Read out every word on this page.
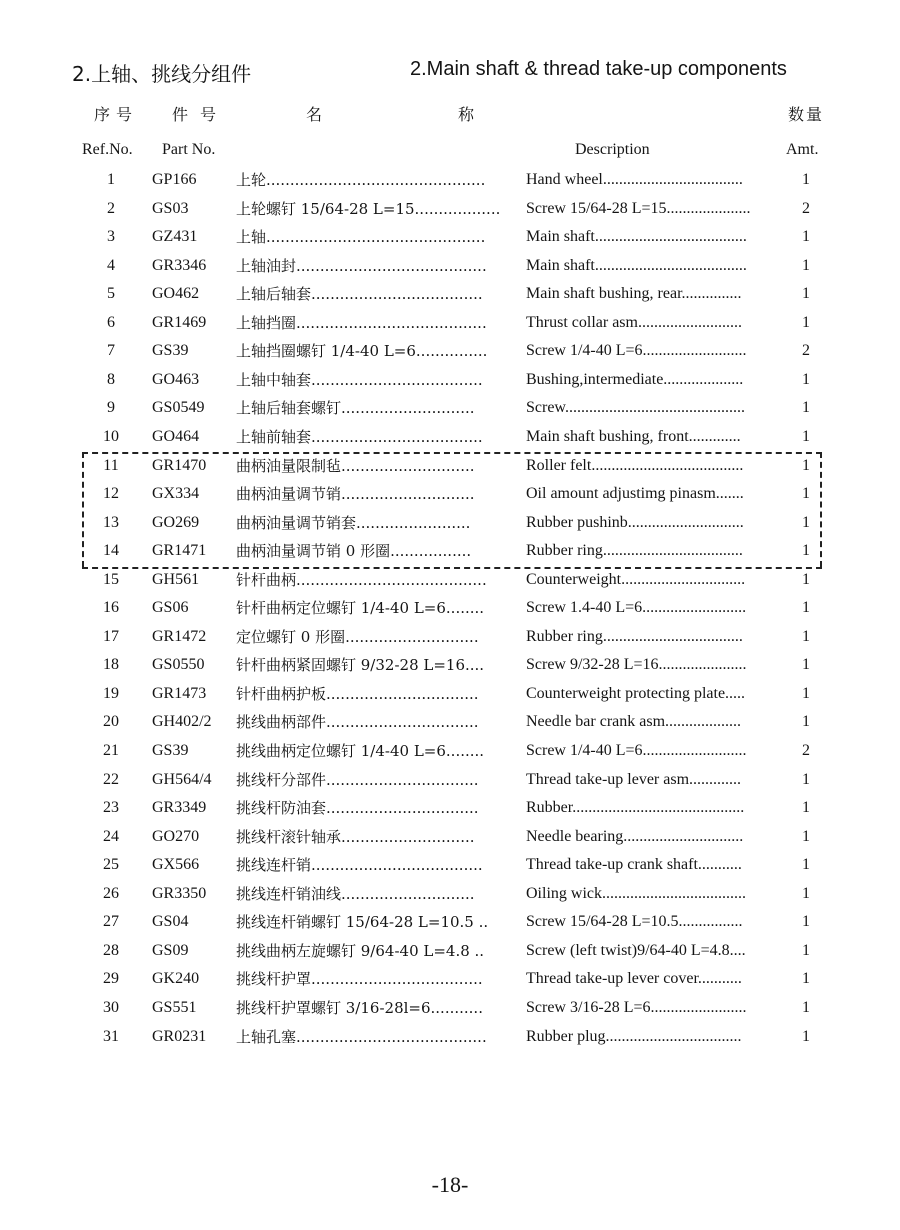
2.上轴、挑线分组件	2.Main shaft & thread take-up components
序号 件号	名	称	数量
Ref.No. Part No.	Description	Amt.
1	GP166	上轮..............................................	Hand wheel...................................	1
2	GS03	上轮螺钉 15/64-28 L=15..................	Screw 15/64-28 L=15.....................	2
3	GZ431	上轴..............................................	Main shaft......................................	1
4	GR3346 上轴油封........................................	Main shaft......................................	1
5	GO462 上轴后轴套....................................	Main shaft bushing, rear...............	1
6	GR1469 上轴挡圈........................................	Thrust collar asm..........................	1
7	GS39	上轴挡圈螺钉 1/4-40 L=6...............	Screw 1/4-40 L=6..........................	2
8	GO463 上轴中轴套....................................	Bushing,intermediate....................	1
9	GS0549 上轴后轴套螺钉............................	Screw.............................................	1
10	GO464 上轴前轴套....................................	Main shaft bushing, front.............	1
11	GR1470 曲柄油量限制毡............................	Roller felt......................................	1
12	GX334 曲柄油量调节销............................	Oil amount adjustimg pinasm.......	1
13	GO269 曲柄油量调节销套........................	Rubber pushinb.............................	1
14	GR1471 曲柄油量调节销 0 形圈.................	Rubber ring...................................	1
15	GH561 针杆曲柄........................................	Counterweight...............................	1
16	GS06	针杆曲柄定位螺钉 1/4-40 L=6........	Screw 1.4-40 L=6..........................	1
17	GR1472 定位螺钉 0 形圈............................	Rubber ring...................................	1
18	GS0550 针杆曲柄紧固螺钉 9/32-28 L=16....	Screw 9/32-28 L=16......................	1
19	GR1473 针杆曲柄护板................................	Counterweight protecting plate.....	1
20	GH402/2 挑线曲柄部件................................	Needle bar crank asm...................	1
21	GS39	挑线曲柄定位螺钉 1/4-40 L=6........	Screw 1/4-40 L=6..........................	2
22	GH564/4 挑线杆分部件................................	Thread take-up lever asm.............	1
23	GR3349 挑线杆防油套................................	Rubber...........................................	1
24	GO270 挑线杆滚针轴承............................	Needle bearing..............................	1
25	GX566 挑线连杆销....................................	Thread take-up crank shaft...........	1
26	GR3350 挑线连杆销油线............................	Oiling wick....................................	1
27	GS04	挑线连杆销螺钉 15/64-28 L=10.5 ..	Screw 15/64-28 L=10.5................	1
28	GS09	挑线曲柄左旋螺钉 9/64-40 L=4.8 ..	Screw (left twist)9/64-40 L=4.8....	1
29	GK240 挑线杆护罩....................................	Thread take-up lever cover...........	1
30	GS551	挑线杆护罩螺钉 3/16-28l=6...........	Screw 3/16-28 L=6........................	1
31	GR0231 上轴孔塞........................................	Rubber plug..................................	1
-18-
